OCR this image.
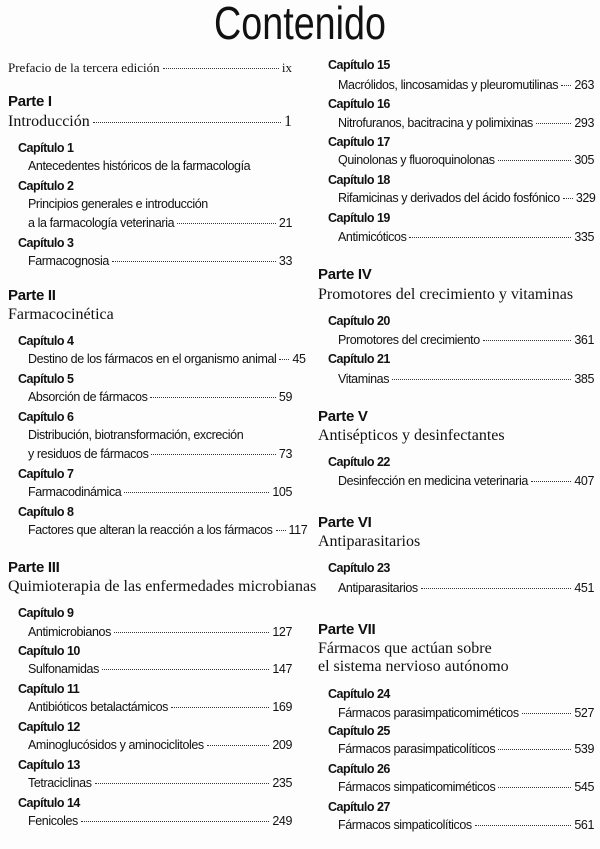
Contenido
Prefacio de la tercera edición	ix
Parte I
Introducción	1
Capítulo 1
Antecedentes históricos de la farmacología
Capítulo 2
Principios generales e introducción
a la farmacología veterinaria	21
Capítulo 3
Farmacognosia	33
Parte II
Farmacocinética
Capítulo 4
Destino de los fármacos en el organismo animal 45
Capítulo 5
Absorción de fármacos	59
Capítulo 6
Distribución, biotransformación, excreción
y residuos de fármacos	73
Capítulo 7
Farmacodinámica	105
Capítulo 8
Factores que alteran la reacción a los fármacos 117
Parte III
Quimioterapia de las enfermedades microbianas
Capítulo 9
Antimicrobianos	127
Capítulo 10
Sulfonamidas	147
Capítulo 11
Antibióticos betalactámicos	169
Capítulo 12
Aminoglucósidos y aminociclitoles	209
Capítulo 13
Tetraciclinas	235
Capítulo 14
Fenicoles	249
Capítulo 15
Macrólidos, lincosamidas y pleuromutilinas 263
Capítulo 16
Nitrofuranos, bacitracina y polimixinas	293
Capítulo 17
Quinolonas y fluoroquinolonas	305
Capítulo 18
Rifamicinas y derivados del ácido fosfónico 329
Capítulo 19
Antimicóticos	335
Parte IV
Promotores del crecimiento y vitaminas
Capítulo 20
Promotores del crecimiento	361
Capítulo 21
Vitaminas	385
Parte V
Antisépticos y desinfectantes
Capítulo 22
Desinfección en medicina veterinaria	407
Parte VI
Antiparasitarios
Capítulo 23
Antiparasitarios	451
Parte VII
Fármacos que actúan sobre
el sistema nervioso autónomo
Capítulo 24
Fármacos parasimpaticomiméticos	527
Capítulo 25
Fármacos parasimpaticolíticos	539
Capítulo 26
Fármacos simpaticomiméticos	545
Capítulo 27
Fármacos simpaticolíticos	561
